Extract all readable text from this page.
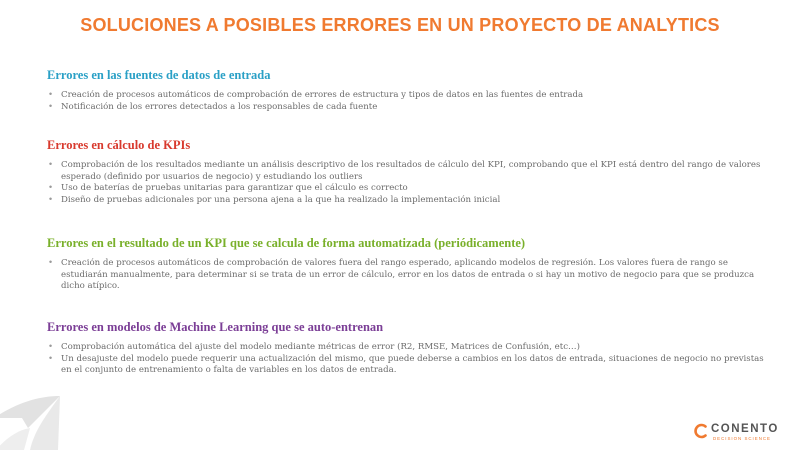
SOLUCIONES A POSIBLES ERRORES EN UN PROYECTO DE ANALYTICS
Errores en las fuentes de datos de entrada
• Creación de procesos automáticos de comprobación de errores de estructura y tipos de datos en las fuentes de entrada
• Notificación de los errores detectados a los responsables de cada fuente
Errores en cálculo de KPIs
• Comprobación de los resultados mediante un análisis descriptivo de los resultados de cálculo del KPI, comprobando que el KPI está dentro del rango de valores esperado (definido por usuarios de negocio) y estudiando los outliers
• Uso de baterías de pruebas unitarias para garantizar que el cálculo es correcto
• Diseño de pruebas adicionales por una persona ajena a la que ha realizado la implementación inicial
Errores en el resultado de un KPI que se calcula de forma automatizada (periódicamente)
• Creación de procesos automáticos de comprobación de valores fuera del rango esperado, aplicando modelos de regresión. Los valores fuera de rango se estudiarán manualmente, para determinar si se trata de un error de cálculo, error en los datos de entrada o si hay un motivo de negocio para que se produzca dicho atípico.
Errores en modelos de Machine Learning que se auto-entrenan
• Comprobación automática del ajuste del modelo mediante métricas de error (R2, RMSE, Matrices de Confusión, etc…)
• Un desajuste del modelo puede requerir una actualización del mismo, que puede deberse a cambios en los datos de entrada, situaciones de negocio no previstas en el conjunto de entrenamiento o falta de variables en los datos de entrada.
CONENTO
DECISION SCIENCE
